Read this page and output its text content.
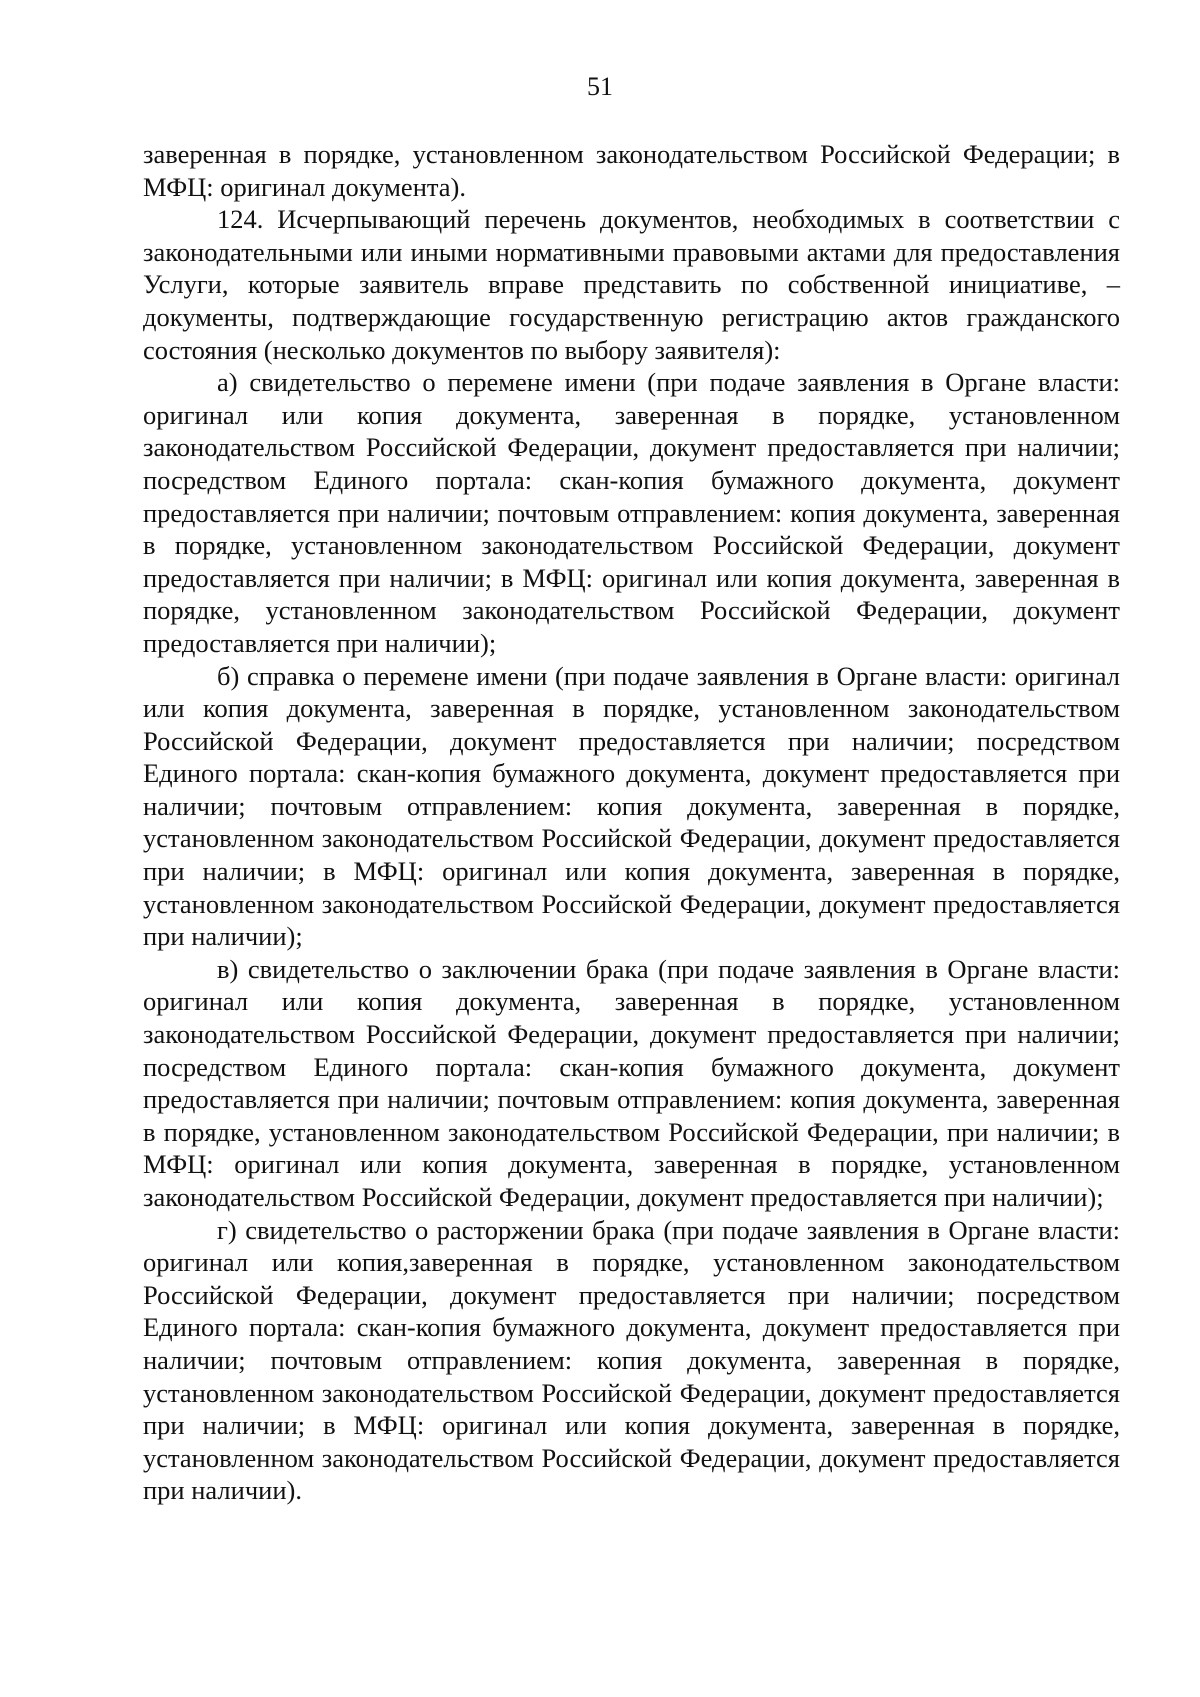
51

заверенная в порядке, установленном законодательством Российской Федерации; в МФЦ: оригинал документа).

124. Исчерпывающий перечень документов, необходимых в соответствии с законодательными или иными нормативными правовыми актами для предоставления Услуги, которые заявитель вправе представить по собственной инициативе, – документы, подтверждающие государственную регистрацию актов гражданского состояния (несколько документов по выбору заявителя):

а) свидетельство о перемене имени (при подаче заявления в Органе власти: оригинал или копия документа, заверенная в порядке, установленном законодательством Российской Федерации, документ предоставляется при наличии; посредством Единого портала: скан-копия бумажного документа, документ предоставляется при наличии; почтовым отправлением: копия документа, заверенная в порядке, установленном законодательством Российской Федерации, документ предоставляется при наличии; в МФЦ: оригинал или копия документа, заверенная в порядке, установленном законодательством Российской Федерации, документ предоставляется при наличии);

б) справка о перемене имени (при подаче заявления в Органе власти: оригинал или копия документа, заверенная в порядке, установленном законодательством Российской Федерации, документ предоставляется при наличии; посредством Единого портала: скан-копия бумажного документа, документ предоставляется при наличии; почтовым отправлением: копия документа, заверенная в порядке, установленном законодательством Российской Федерации, документ предоставляется при наличии; в МФЦ: оригинал или копия документа, заверенная в порядке, установленном законодательством Российской Федерации, документ предоставляется при наличии);

в) свидетельство о заключении брака (при подаче заявления в Органе власти: оригинал или копия документа, заверенная в порядке, установленном законодательством Российской Федерации, документ предоставляется при наличии; посредством Единого портала: скан-копия бумажного документа, документ предоставляется при наличии; почтовым отправлением: копия документа, заверенная в порядке, установленном законодательством Российской Федерации, при наличии; в МФЦ: оригинал или копия документа, заверенная в порядке, установленном законодательством Российской Федерации, документ предоставляется при наличии);

г) свидетельство о расторжении брака (при подаче заявления в Органе власти: оригинал или копия,заверенная в порядке, установленном законодательством Российской Федерации, документ предоставляется при наличии; посредством Единого портала: скан-копия бумажного документа, документ предоставляется при наличии; почтовым отправлением: копия документа, заверенная в порядке, установленном законодательством Российской Федерации, документ предоставляется при наличии; в МФЦ: оригинал или копия документа, заверенная в порядке, установленном законодательством Российской Федерации, документ предоставляется при наличии).
